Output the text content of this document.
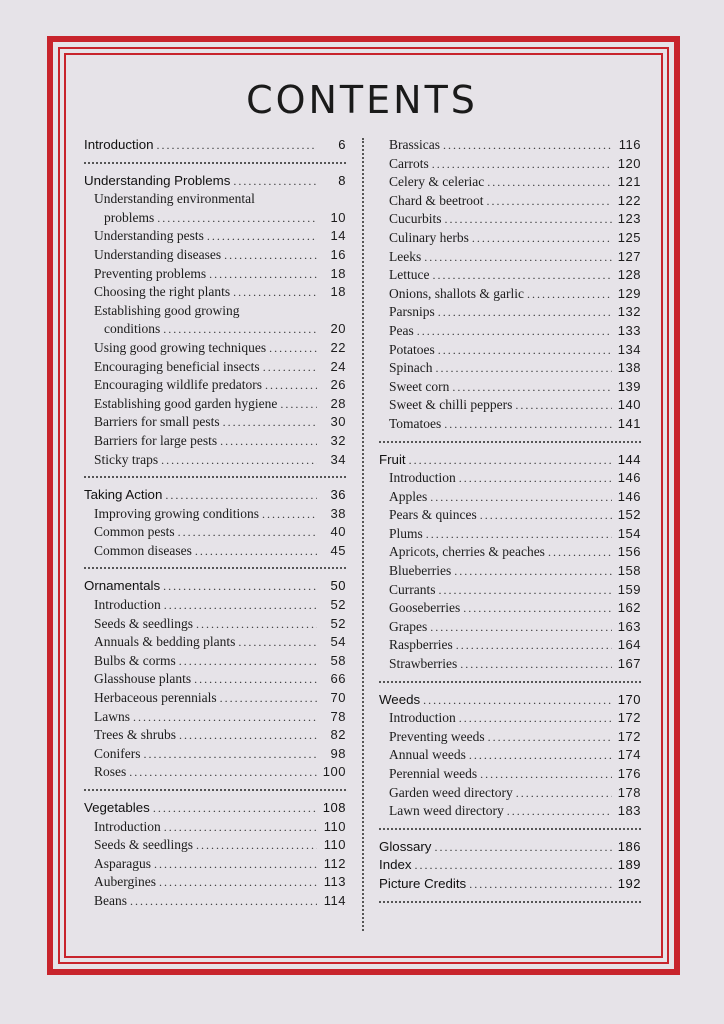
CONTENTS
Introduction .....	6
Understanding Problems .....	8
Understanding environmental
problems .....	10
Understanding pests .....	14
Understanding diseases .....	16
Preventing problems .....	18
Choosing the right plants .....	18
Establishing good growing
conditions .....	20
Using good growing techniques .....	22
Encouraging beneficial insects .....	24
Encouraging wildlife predators .....	26
Establishing good garden hygiene .....	28
Barriers for small pests .....	30
Barriers for large pests .....	32
Sticky traps .....	34
Taking Action .....	36
Improving growing conditions .....	38
Common pests .....	40
Common diseases .....	45
Ornamentals .....	50
Introduction .....	52
Seeds & seedlings .....	52
Annuals & bedding plants .....	54
Bulbs & corms .....	58
Glasshouse plants .....	66
Herbaceous perennials .....	70
Lawns .....	78
Trees & shrubs .....	82
Conifers .....	98
Roses .....	100
Vegetables .....	108
Introduction .....	110
Seeds & seedlings .....	110
Asparagus .....	112
Aubergines .....	113
Beans .....	114
Brassicas .....	116
Carrots .....	120
Celery & celeriac .....	121
Chard & beetroot .....	122
Cucurbits .....	123
Culinary herbs .....	125
Leeks .....	127
Lettuce .....	128
Onions, shallots & garlic .....	129
Parsnips .....	132
Peas .....	133
Potatoes .....	134
Spinach .....	138
Sweet corn .....	139
Sweet & chilli peppers .....	140
Tomatoes .....	141
Fruit .....	144
Introduction .....	146
Apples .....	146
Pears & quinces .....	152
Plums .....	154
Apricots, cherries & peaches .....	156
Blueberries .....	158
Currants .....	159
Gooseberries .....	162
Grapes .....	163
Raspberries .....	164
Strawberries .....	167
Weeds .....	170
Introduction .....	172
Preventing weeds .....	172
Annual weeds .....	174
Perennial weeds .....	176
Garden weed directory .....	178
Lawn weed directory .....	183
Glossary .....	186
Index .....	189
Picture Credits .....	192
